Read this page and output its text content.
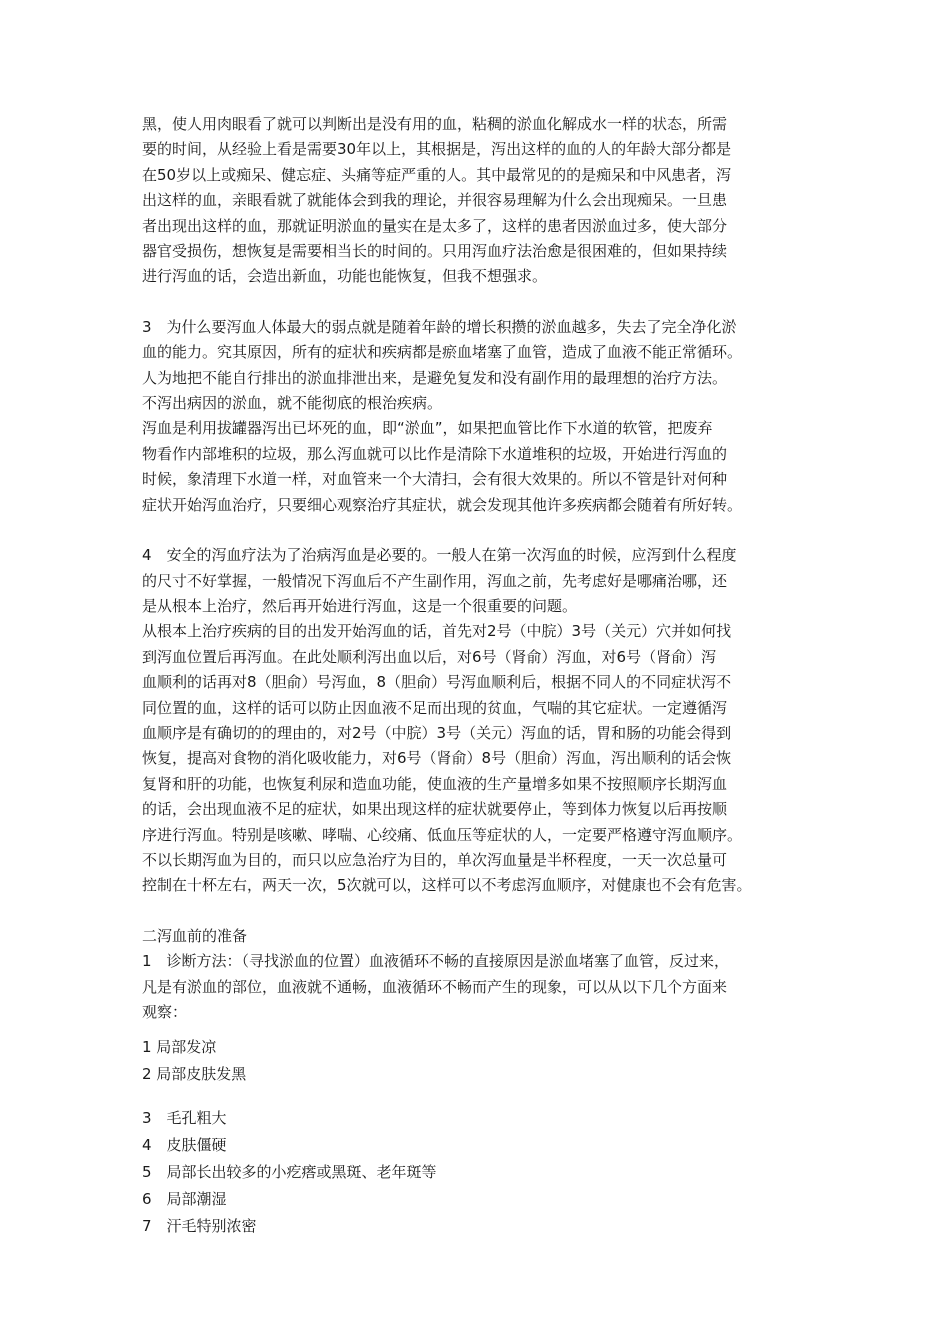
黑，使人用肉眼看了就可以判断出是没有用的血，粘稠的淤血化解成水一样的状态，所需
要的时间，从经验上看是需要30年以上，其根据是，泻出这样的血的人的年龄大部分都是
在50岁以上或痴呆、健忘症、头痛等症严重的人。其中最常见的的是痴呆和中风患者，泻
出这样的血，亲眼看就了就能体会到我的理论，并很容易理解为什么会出现痴呆。一旦患
者出现出这样的血，那就证明淤血的量实在是太多了，这样的患者因淤血过多，使大部分
器官受损伤，想恢复是需要相当长的时间的。只用泻血疗法治愈是很困难的，但如果持续
进行泻血的话，会造出新血，功能也能恢复，但我不想强求。
3　为什么要泻血人体最大的弱点就是随着年龄的增长积攒的淤血越多，失去了完全净化淤
血的能力。究其原因，所有的症状和疾病都是瘀血堵塞了血管，造成了血液不能正常循环。
人为地把不能自行排出的淤血排泄出来，是避免复发和没有副作用的最理想的治疗方法。
不泻出病因的淤血，就不能彻底的根治疾病。
泻血是利用拔罐器泻出已坏死的血，即“淤血”，如果把血管比作下水道的软管，把废弃
物看作内部堆积的垃圾，那么泻血就可以比作是清除下水道堆积的垃圾，开始进行泻血的
时候，象清理下水道一样，对血管来一个大清扫，会有很大效果的。所以不管是针对何种
症状开始泻血治疗，只要细心观察治疗其症状，就会发现其他许多疾病都会随着有所好转。
4　安全的泻血疗法为了治病泻血是必要的。一般人在第一次泻血的时候，应泻到什么程度
的尺寸不好掌握，一般情况下泻血后不产生副作用，泻血之前，先考虑好是哪痛治哪，还
是从根本上治疗，然后再开始进行泻血，这是一个很重要的问题。
从根本上治疗疾病的目的出发开始泻血的话，首先对2号（中脘）3号（关元）穴并如何找
到泻血位置后再泻血。在此处顺利泻出血以后，对6号（肾俞）泻血，对6号（肾俞）泻
血顺利的话再对8（胆俞）号泻血，8（胆俞）号泻血顺利后，根据不同人的不同症状泻不
同位置的血，这样的话可以防止因血液不足而出现的贫血，气喘的其它症状。一定遵循泻
血顺序是有确切的的理由的，对2号（中脘）3号（关元）泻血的话，胃和肠的功能会得到
恢复，提高对食物的消化吸收能力，对6号（肾俞）8号（胆俞）泻血，泻出顺利的话会恢
复肾和肝的功能，也恢复利尿和造血功能，使血液的生产量增多如果不按照顺序长期泻血
的话，会出现血液不足的症状，如果出现这样的症状就要停止，等到体力恢复以后再按顺
序进行泻血。特别是咳嗽、哮喘、心绞痛、低血压等症状的人，一定要严格遵守泻血顺序。
不以长期泻血为目的，而只以应急治疗为目的，单次泻血量是半杯程度，一天一次总量可
控制在十杯左右，两天一次，5次就可以，这样可以不考虑泻血顺序，对健康也不会有危害。
二泻血前的准备
1　诊断方法：（寻找淤血的位置）血液循环不畅的直接原因是淤血堵塞了血管，反过来，
凡是有淤血的部位，血液就不通畅，血液循环不畅而产生的现象，可以从以下几个方面来
观察：
1 局部发凉
2 局部皮肤发黑
3　毛孔粗大
4　皮肤僵硬
5　局部长出较多的小疙瘩或黑斑、老年斑等
6　局部潮湿
7　汗毛特别浓密
